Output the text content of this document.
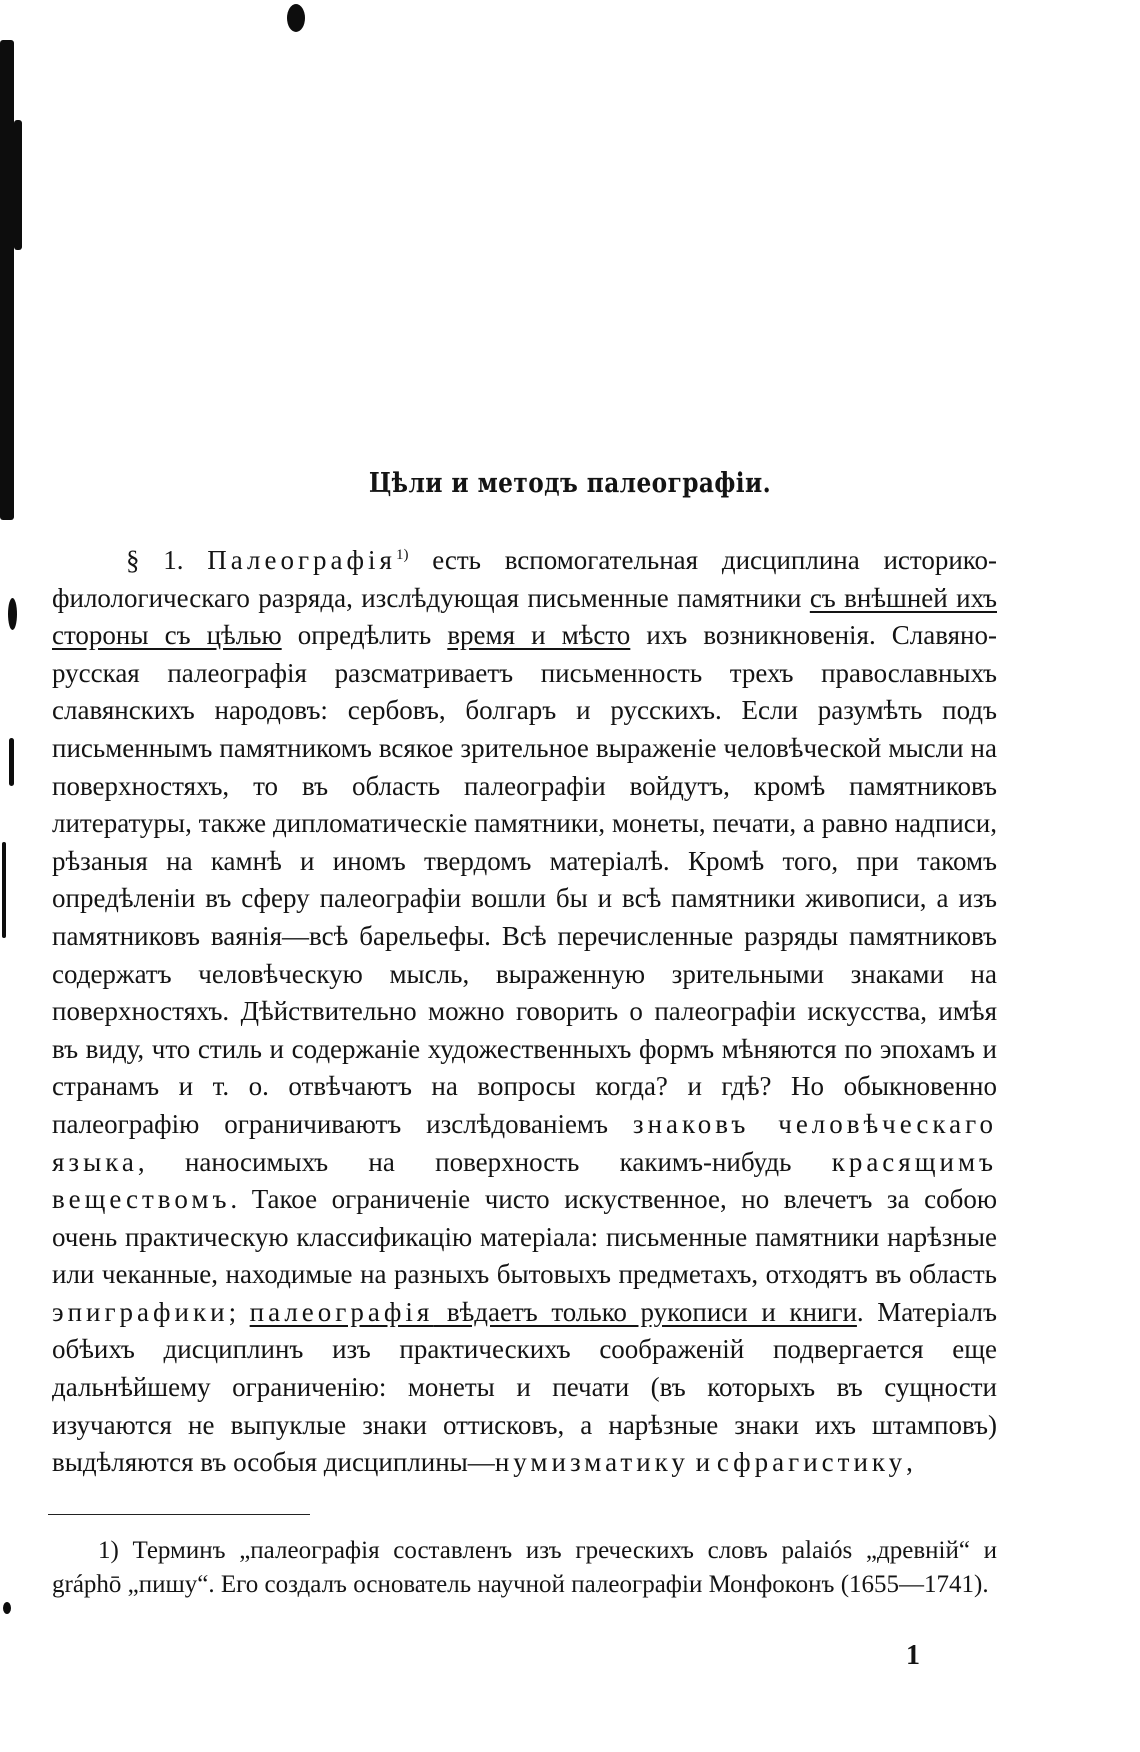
Цѣли и методъ палеографіи.

§ 1. Палеографія$^{1)}$ есть вспомогательная дисциплина историко-филологическаго разряда, изслѣдующая письменные памятники съ внѣшней ихъ стороны съ цѣлью опредѣлить время и мѣсто ихъ возникновенія. Славяно-русская палеографія разсматриваетъ письменность трехъ православныхъ славянскихъ народовъ: сербовъ, болгаръ и русскихъ. Если разумѣть подъ письменнымъ памятникомъ всякое зрительное выраженіе человѣческой мысли на поверхностяхъ, то въ область палеографіи войдутъ, кромѣ памятниковъ литературы, также дипломатическіе памятники, монеты, печати, а равно надписи, рѣзаныя на камнѣ и иномъ твердомъ матеріалѣ. Кромѣ того, при такомъ опредѣленіи въ сферу палеографіи вошли бы и всѣ памятники живописи, а изъ памятниковъ ваянія—всѣ барельефы. Всѣ перечисленные разряды памятниковъ содержатъ человѣческую мысль, выраженную зрительными знаками на поверхностяхъ. Дѣйствительно можно говорить о палеографіи искусства, имѣя въ виду, что стиль и содержаніе художественныхъ формъ мѣняются по эпохамъ и странамъ и т. о. отвѣчаютъ на вопросы когда? и гдѣ? Но обыкновенно палеографію ограничиваютъ изслѣдованіемъ знаковъ человѣческаго языка, наносимыхъ на поверхность какимъ-нибудь красящимъ веществомъ. Такое ограниченіе чисто искуственное, но влечетъ за собою очень практическую классификацію матеріала: письменные памятники нарѣзные или чеканные, находимые на разныхъ бытовыхъ предметахъ, отходятъ въ область эпиграфики; палеографія вѣдаетъ только рукописи и книги. Матеріалъ обѣихъ дисциплинъ изъ практическихъ соображеній подвергается еще дальнѣйшему ограниченію: монеты и печати (въ которыхъ въ сущности изучаются не выпуклые знаки оттисковъ, а нарѣзные знаки ихъ штамповъ) выдѣляются въ особыя дисциплины—нумизматику и сфрагистику,

1) Терминъ „палеографія составленъ изъ греческихъ словъ palaiós „древній“ и gráphō „пишу“. Его создалъ основатель научной палеографіи Монфоконъ (1655—1741).

1
